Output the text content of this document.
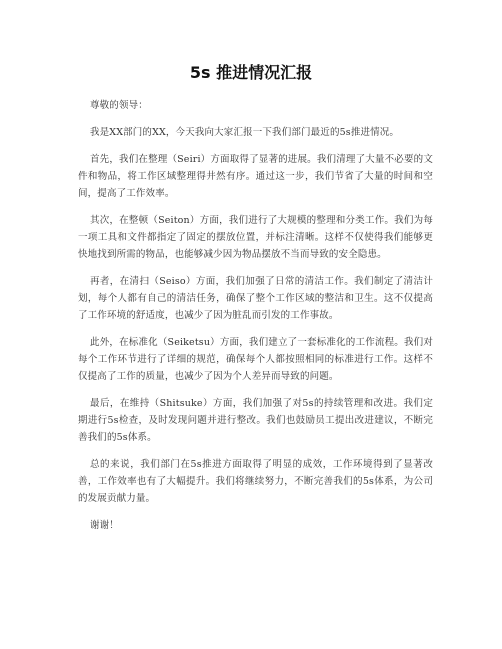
5s 推进情况汇报

尊敬的领导：

我是XX部门的XX，今天我向大家汇报一下我们部门最近的5s推进情况。

首先，我们在整理（Seiri）方面取得了显著的进展。我们清理了大量不必要的文件和物品，将工作区域整理得井然有序。通过这一步，我们节省了大量的时间和空间，提高了工作效率。

其次，在整顿（Seiton）方面，我们进行了大规模的整理和分类工作。我们为每一项工具和文件都指定了固定的摆放位置，并标注清晰。这样不仅使得我们能够更快地找到所需的物品，也能够减少因为物品摆放不当而导致的安全隐患。

再者，在清扫（Seiso）方面，我们加强了日常的清洁工作。我们制定了清洁计划，每个人都有自己的清洁任务，确保了整个工作区域的整洁和卫生。这不仅提高了工作环境的舒适度，也减少了因为脏乱而引发的工作事故。

此外，在标准化（Seiketsu）方面，我们建立了一套标准化的工作流程。我们对每个工作环节进行了详细的规范，确保每个人都按照相同的标准进行工作。这样不仅提高了工作的质量，也减少了因为个人差异而导致的问题。

最后，在维持（Shitsuke）方面，我们加强了对5s的持续管理和改进。我们定期进行5s检查，及时发现问题并进行整改。我们也鼓励员工提出改进建议，不断完善我们的5s体系。

总的来说，我们部门在5s推进方面取得了明显的成效，工作环境得到了显著改善，工作效率也有了大幅提升。我们将继续努力，不断完善我们的5s体系，为公司的发展贡献力量。

谢谢！
